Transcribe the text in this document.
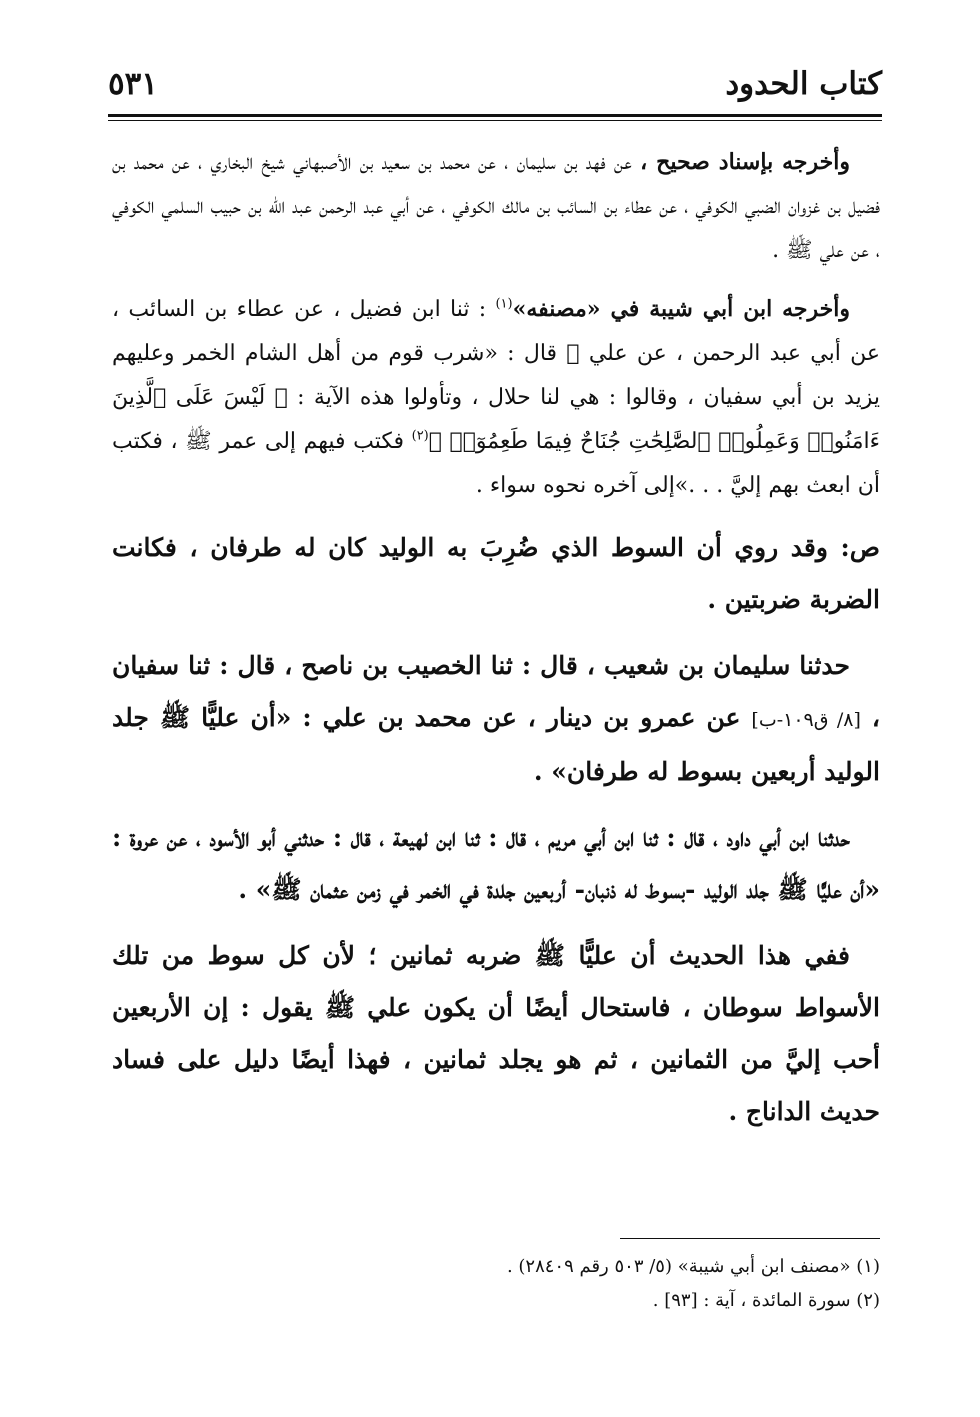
كتاب الحدود
٥٣١

وأخرجه بإسناد صحيح ، عن فهد بن سليمان ، عن محمد بن سعيد بن الأصبهاني شيخ البخاري ، عن محمد بن فضيل بن غزوان الضبي الكوفي ، عن عطاء بن السائب بن مالك الكوفي ، عن أبي عبد الرحمن عبد الله بن حبيب السلمي الكوفي ، عن علي ﷺ .

وأخرجه ابن أبي شيبة في «مصنفه»$^{(١)}$ : ثنا ابن فضيل ، عن عطاء بن السائب ، عن أبي عبد الرحمن ، عن علي ﷺ قال : «شرب قوم من أهل الشام الخمر وعليهم يزيد بن أبي سفيان ، وقالوا : هي لنا حلال ، وتأولوا هذه الآية : ﴿ لَيْسَ عَلَى ٱلَّذِينَ ءَامَنُوا۟ وَعَمِلُوا۟ ٱلصَّٰلِحَٰتِ جُنَاحٌ فِيمَا طَعِمُوٓا۟ ﴾$^{(٢)}$ فكتب فيهم إلى عمر ﷺ ، فكتب أن ابعث بهم إليَّ . . .»إلى آخره نحوه سواء .

ص: وقد روي أن السوط الذي ضُرِبَ به الوليد كان له طرفان ، فكانت الضربة ضربتين .

حدثنا سليمان بن شعيب ، قال : ثنا الخصيب بن ناصح ، قال : ثنا سفيان ، [٨/ ق١٠٩-ب] عن عمرو بن دينار ، عن محمد بن علي : «أن عليًّا ﷺ جلد الوليد أربعين بسوط له طرفان» .

حدثنا ابن أبي داود ، قال : ثنا ابن أبي مريم ، قال : ثنا ابن لهيعة ، قال : حدثني أبو الأسود ، عن عروة : «أن عليًّا ﷺ جلد الوليد -بسوط له ذنبان- أربعين جلدة في الخمر في زمن عثمان ﷺ» .

ففي هذا الحديث أن عليًّا ﷺ ضربه ثمانين ؛ لأن كل سوط من تلك الأسواط سوطان ، فاستحال أيضًا أن يكون علي ﷺ يقول : إن الأربعين أحب إليَّ من الثمانين ، ثم هو يجلد ثمانين ، فهذا أيضًا دليل على فساد حديث الداناج .

(١) «مصنف ابن أبي شيبة» (٥/ ٥٠٣ رقم ٢٨٤٠٩) .

(٢) سورة المائدة ، آية : [٩٣] .
